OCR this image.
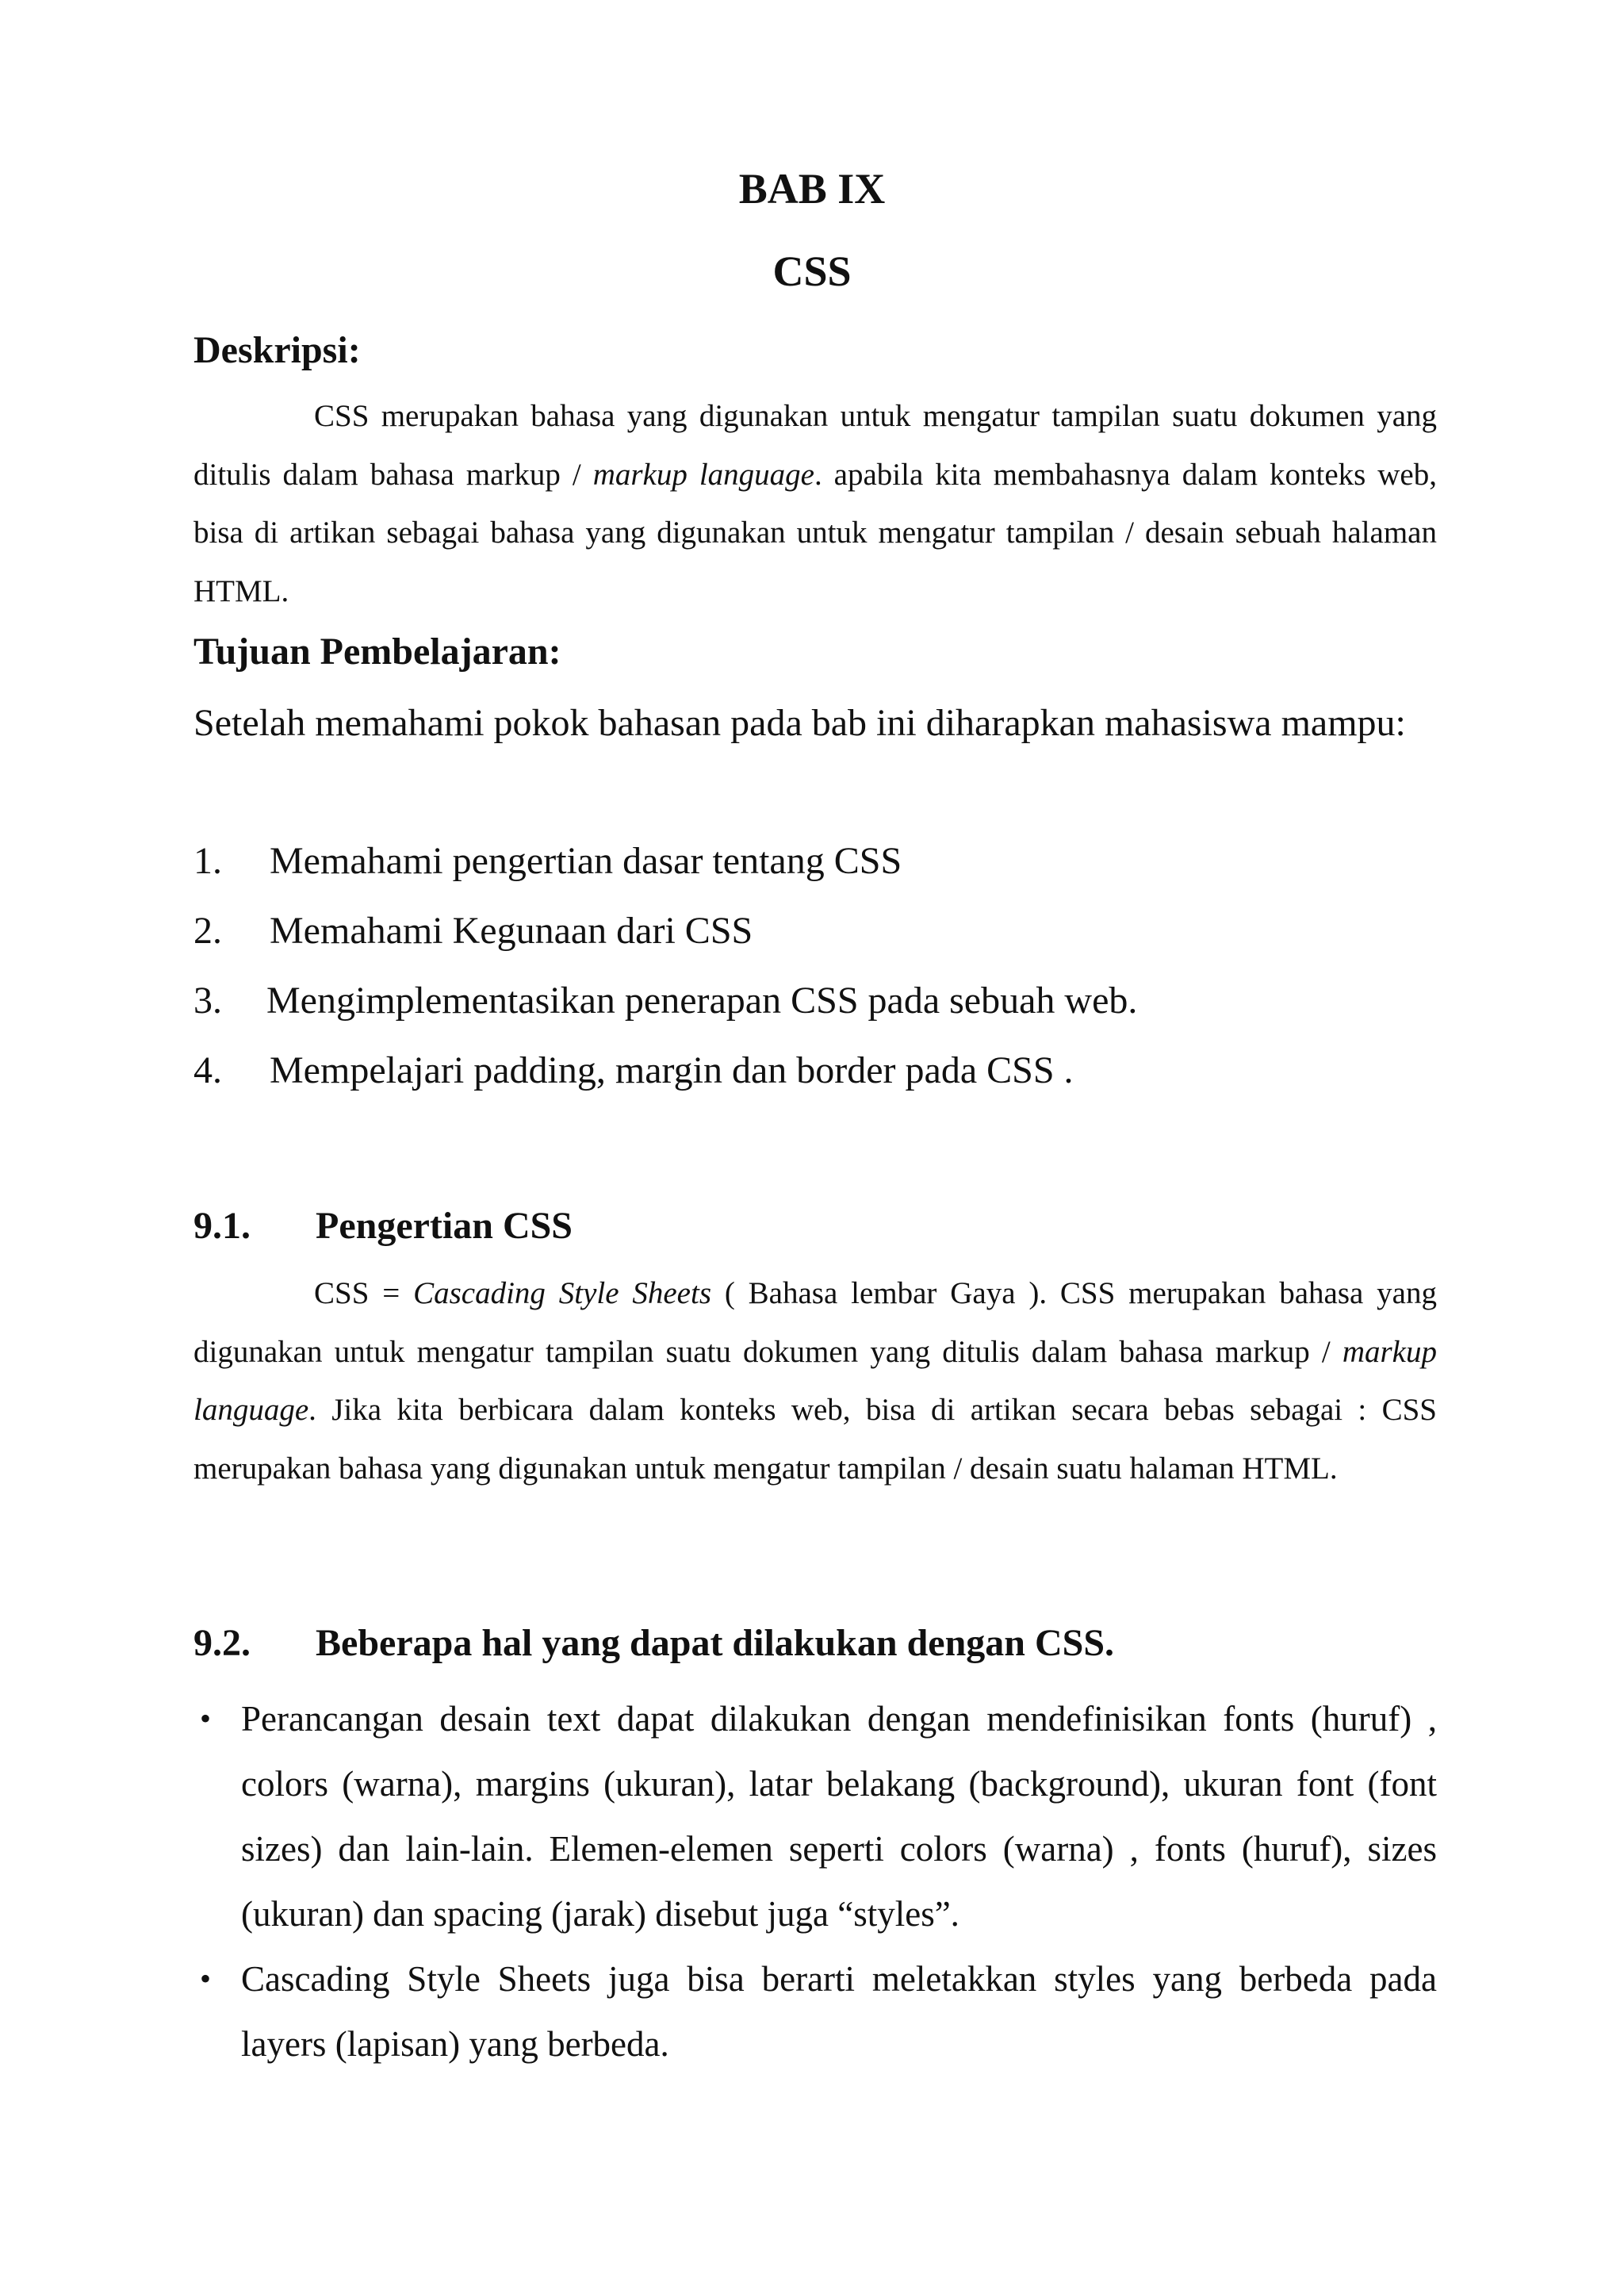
BAB IX
CSS
Deskripsi:
CSS merupakan bahasa yang digunakan untuk mengatur tampilan suatu dokumen yang ditulis dalam bahasa markup / markup language. apabila kita membahasnya dalam konteks web, bisa di artikan sebagai bahasa yang digunakan untuk mengatur tampilan / desain sebuah halaman HTML.
Tujuan Pembelajaran:
Setelah memahami pokok bahasan pada bab ini diharapkan mahasiswa mampu:
1. Memahami pengertian dasar tentang CSS
2. Memahami Kegunaan dari CSS
3. Mengimplementasikan penerapan CSS pada sebuah web.
4. Mempelajari padding, margin dan border pada CSS .
9.1. Pengertian CSS
CSS = Cascading Style Sheets ( Bahasa lembar Gaya ). CSS merupakan bahasa yang digunakan untuk mengatur tampilan suatu dokumen yang ditulis dalam bahasa markup / markup language. Jika kita berbicara dalam konteks web, bisa di artikan secara bebas sebagai : CSS merupakan bahasa yang digunakan untuk mengatur tampilan / desain suatu halaman HTML.
9.2. Beberapa hal yang dapat dilakukan dengan CSS.
• Perancangan desain text dapat dilakukan dengan mendefinisikan fonts (huruf) , colors (warna), margins (ukuran), latar belakang (background), ukuran font (font sizes) dan lain-lain. Elemen-elemen seperti colors (warna) , fonts (huruf), sizes (ukuran) dan spacing (jarak) disebut juga “styles”.
• Cascading Style Sheets juga bisa berarti meletakkan styles yang berbeda pada layers (lapisan) yang berbeda.
